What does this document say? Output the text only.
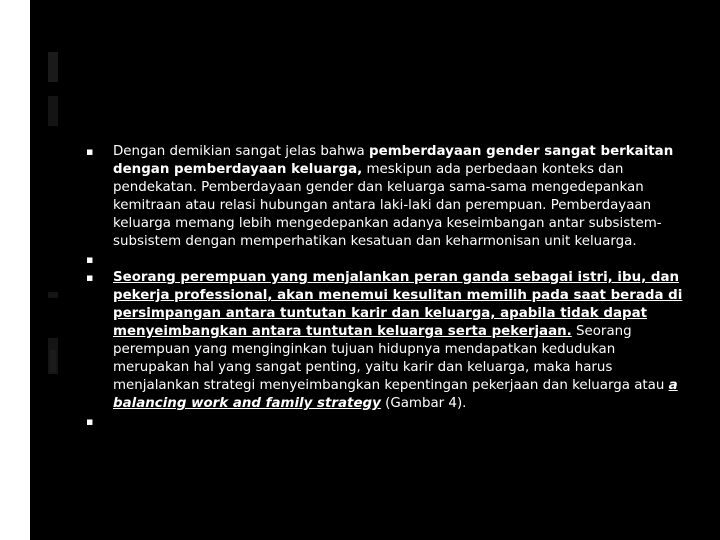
▪ Dengan demikian sangat jelas bahwa pemberdayaan gender sangat berkaitan dengan pemberdayaan keluarga, meskipun ada perbedaan konteks dan pendekatan. Pemberdayaan gender dan keluarga sama-sama mengedepankan kemitraan atau relasi hubungan antara laki-laki dan perempuan. Pemberdayaan keluarga memang lebih mengedepankan adanya keseimbangan antar subsistem-subsistem dengan memperhatikan kesatuan dan keharmonisan unit keluarga.
▪
▪ Seorang perempuan yang menjalankan peran ganda sebagai istri, ibu, dan pekerja professional, akan menemui kesulitan memilih pada saat berada di persimpangan antara tuntutan karir dan keluarga, apabila tidak dapat menyeimbangkan antara tuntutan keluarga serta pekerjaan. Seorang perempuan yang menginginkan tujuan hidupnya mendapatkan kedudukan merupakan hal yang sangat penting, yaitu karir dan keluarga, maka harus menjalankan strategi menyeimbangkan kepentingan pekerjaan dan keluarga atau a balancing work and family strategy (Gambar 4).
▪
